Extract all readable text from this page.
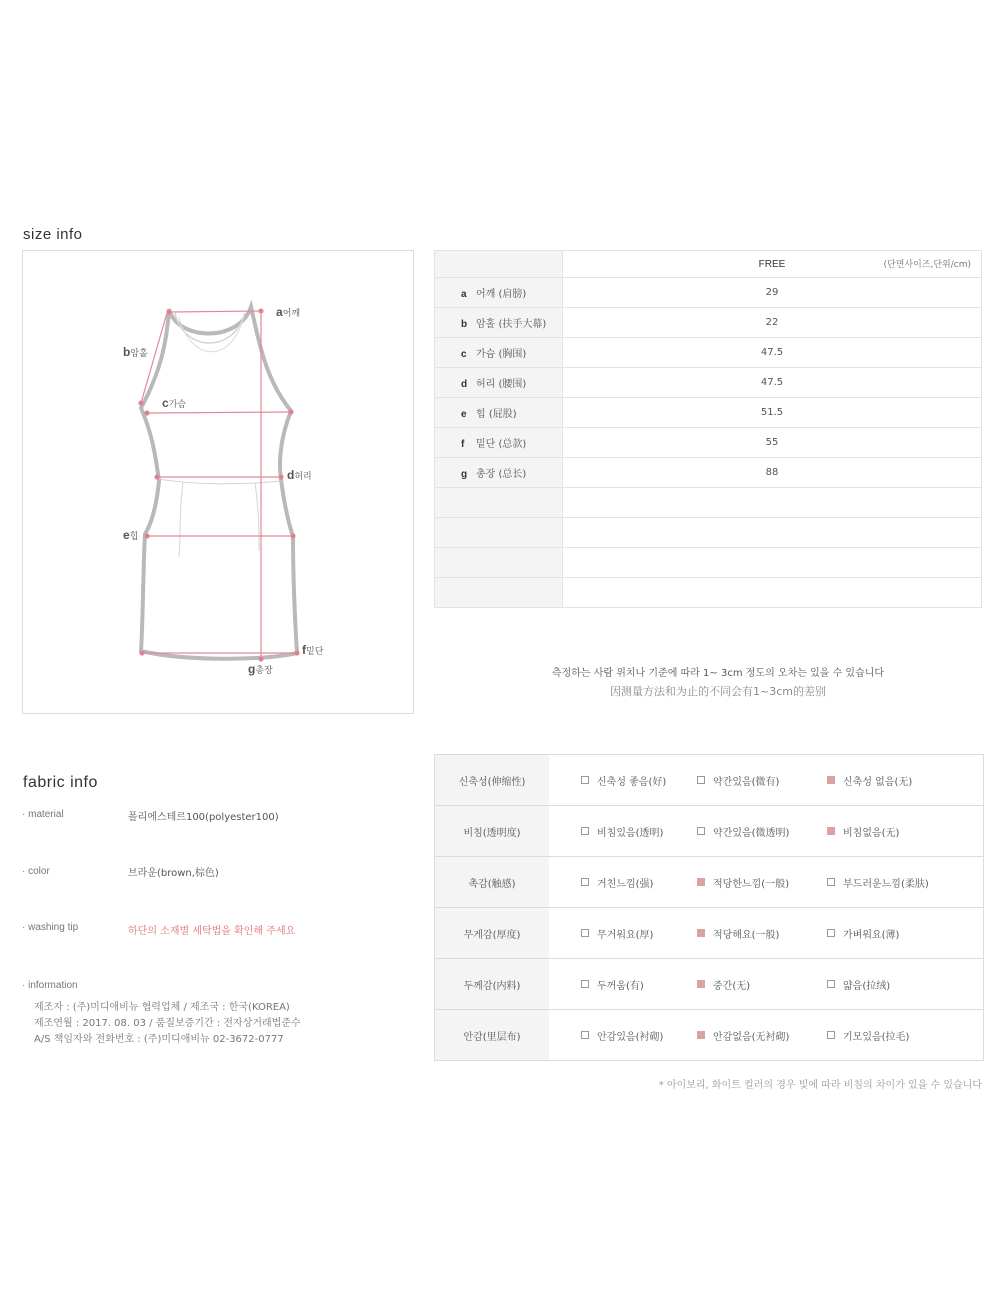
size info
a어깨
b암홀
c가슴
d허리
e힙
f밑단
g총장
	FREE (단면사이즈,단위/cm)

a 어깨 (肩膀)	29
b 암홀 (扶手大幕)	22
c 가슴 (胸围)	47.5
d 허리 (腰围)	47.5
e 힙 (屁股)	51.5
f 밑단 (总款)	55
g 총장 (总长)	88

측정하는 사람 위치나 기준에 따라 1~ 3cm 정도의 오차는 있을 수 있습니다
因测量方法和为止的不同会有1~3cm的差别
fabric info
· material	폴리에스테르100(polyester100)
· color	브라운(brown,棕色)
· washing tip	하단의 소재별 세탁법을 확인해 주세요
· information
제조자 : (주)미디애비뉴 협력업체 / 제조국 : 한국(KOREA)
제조연월 : 2017. 08. 03 / 품질보증기간 : 전자상거래법준수
A/S 책임자와 전화번호 : (주)미디애비뉴 02-3672-0777
신축성(伸缩性)	신축성 좋음(好) 약간있음(微有) 신축성 없음(无)

비침(透明度)	비침있음(透明) 약간있음(微透明) 비침없음(无)

촉감(触感)	거친느낌(强) 적당한느낌(一般) 부드러운느낌(柔肤)

무게감(厚度)	무거워요(厚) 적당해요(一般) 가벼워요(薄)

두께감(内料)	두꺼움(有) 중간(无) 얇음(拉绒)

안감(里层布)	안감있음(衬砌) 안감없음(无衬砌) 기모있음(拉毛)
* 아이보리, 화이트 컬러의 경우 빛에 따라 비침의 차이가 있을 수 있습니다
